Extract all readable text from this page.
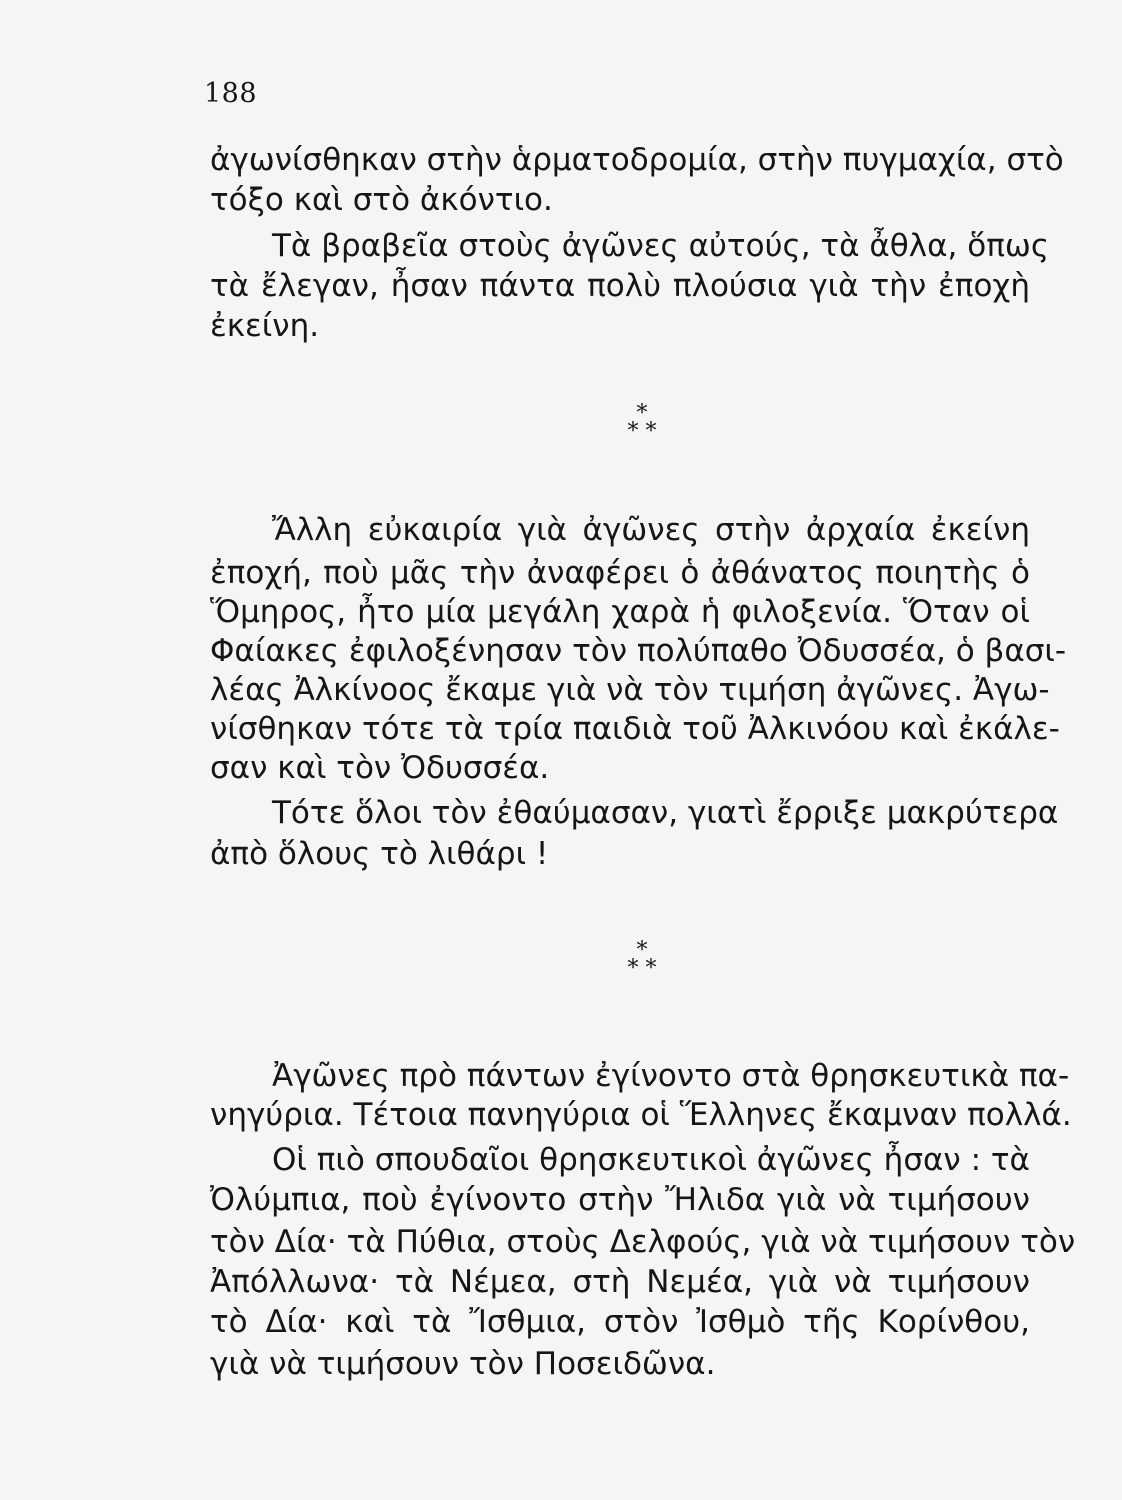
188
ἀγωνίσθηκαν στὴν ἁρματοδρομία, στὴν πυγμαχία, στὸ
τόξο καὶ στὸ ἀκόντιο.
Τὰ βραβεῖα στοὺς ἀγῶνες αὐτούς, τὰ ἆθλα, ὅπως
τὰ ἔλεγαν, ἦσαν πάντα πολὺ πλούσια γιὰ τὴν ἐποχὴ
ἐκείνη.
*
* *
Ἄλλη εὐκαιρία γιὰ ἀγῶνες στὴν ἀρχαία ἐκείνη
ἐποχή, ποὺ μᾶς τὴν ἀναφέρει ὁ ἀθάνατος ποιητὴς ὁ
Ὅμηρος, ἦτο μία μεγάλη χαρὰ ἡ φιλοξενία. Ὅταν οἱ
Φαίακες ἐφιλοξένησαν τὸν πολύπαθο Ὀδυσσέα, ὁ βασι-
λέας Ἀλκίνοος ἔκαμε γιὰ νὰ τὸν τιμήση ἀγῶνες. Ἀγω-
νίσθηκαν τότε τὰ τρία παιδιὰ τοῦ Ἀλκινόου καὶ ἐκάλε-
σαν καὶ τὸν Ὀδυσσέα.
Τότε ὅλοι τὸν ἐθαύμασαν, γιατὶ ἔρριξε μακρύτερα
ἀπὸ ὅλους τὸ λιθάρι !
*
* *
Ἀγῶνες πρὸ πάντων ἐγίνοντο στὰ θρησκευτικὰ πα-
νηγύρια. Τέτοια πανηγύρια οἱ Ἕλληνες ἔκαμναν πολλά.
Οἱ πιὸ σπουδαῖοι θρησκευτικοὶ ἀγῶνες ἦσαν : τὰ
Ὀλύμπια, ποὺ ἐγίνοντο στὴν Ἤλιδα γιὰ νὰ τιμήσουν
τὸν Δία· τὰ Πύθια, στοὺς Δελφούς, γιὰ νὰ τιμήσουν τὸν
Ἀπόλλωνα· τὰ Νέμεα, στὴ Νεμέα, γιὰ νὰ τιμήσουν
τὸ Δία· καὶ τὰ Ἴσθμια, στὸν Ἰσθμὸ τῆς Κορίνθου,
γιὰ νὰ τιμήσουν τὸν Ποσειδῶνα.
